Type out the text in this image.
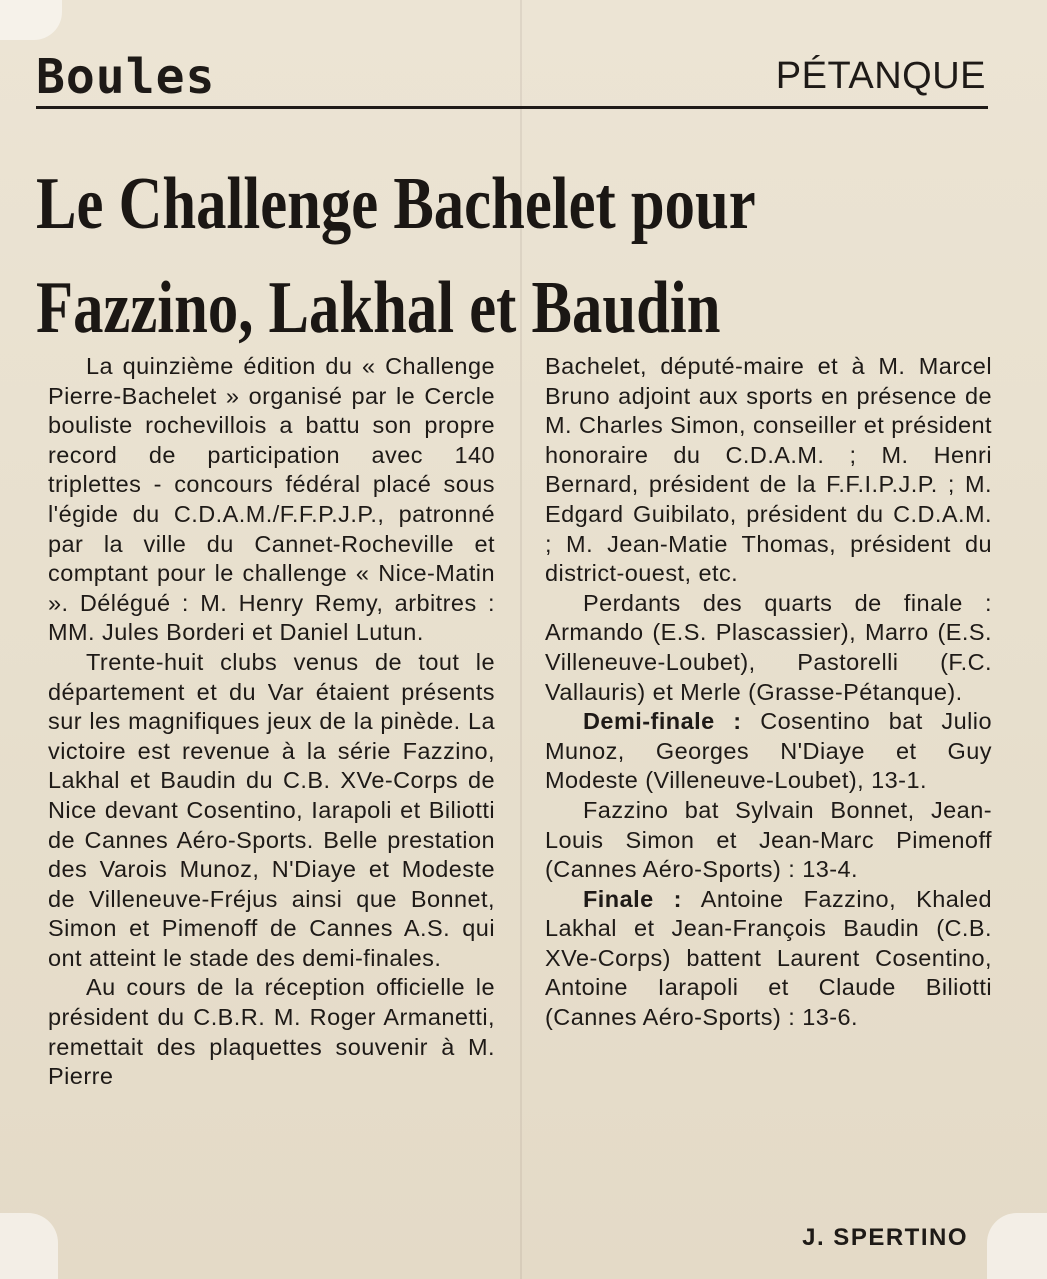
Boules	PÉTANQUE
Le Challenge Bachelet pour
Fazzino, Lakhal et Baudin

La quinzième édition du « Challenge Pierre-Bachelet » organisé par le Cercle bouliste rochevillois a battu son propre record de participation avec 140 triplettes - concours fédéral placé sous l'égide du C.D.A.M./F.F.P.J.P., patronné par la ville du Cannet-Rocheville et comptant pour le challenge « Nice-Matin ». Délégué : M. Henry Remy, arbitres : MM. Jules Borderi et Daniel Lutun.

Trente-huit clubs venus de tout le département et du Var étaient présents sur les magnifiques jeux de la pinède. La victoire est revenue à la série Fazzino, Lakhal et Baudin du C.B. XVe-Corps de Nice devant Cosentino, Iarapoli et Biliotti de Cannes Aéro-Sports. Belle prestation des Varois Munoz, N'Diaye et Modeste de Villeneuve-Fréjus ainsi que Bonnet, Simon et Pimenoff de Cannes A.S. qui ont atteint le stade des demi-finales.

Au cours de la réception officielle le président du C.B.R. M. Roger Armanetti, remettait des plaquettes souvenir à M. Pierre

Bachelet, député-maire et à M. Marcel Bruno adjoint aux sports en présence de M. Charles Simon, conseiller et président honoraire du C.D.A.M. ; M. Henri Bernard, président de la F.F.I.P.J.P. ; M. Edgard Guibilato, président du C.D.A.M. ; M. Jean-Matie Thomas, président du district-ouest, etc.

Perdants des quarts de finale : Armando (E.S. Plascassier), Marro (E.S. Villeneuve-Loubet), Pastorelli (F.C. Vallauris) et Merle (Grasse-Pétanque).

Demi-finale : Cosentino bat Julio Munoz, Georges N'Diaye et Guy Modeste (Villeneuve-Loubet), 13-1.

Fazzino bat Sylvain Bonnet, Jean-Louis Simon et Jean-Marc Pimenoff (Cannes Aéro-Sports) : 13-4.

Finale : Antoine Fazzino, Khaled Lakhal et Jean-François Baudin (C.B. XVe-Corps) battent Laurent Cosentino, Antoine Iarapoli et Claude Biliotti (Cannes Aéro-Sports) : 13-6.

J. SPERTINO
